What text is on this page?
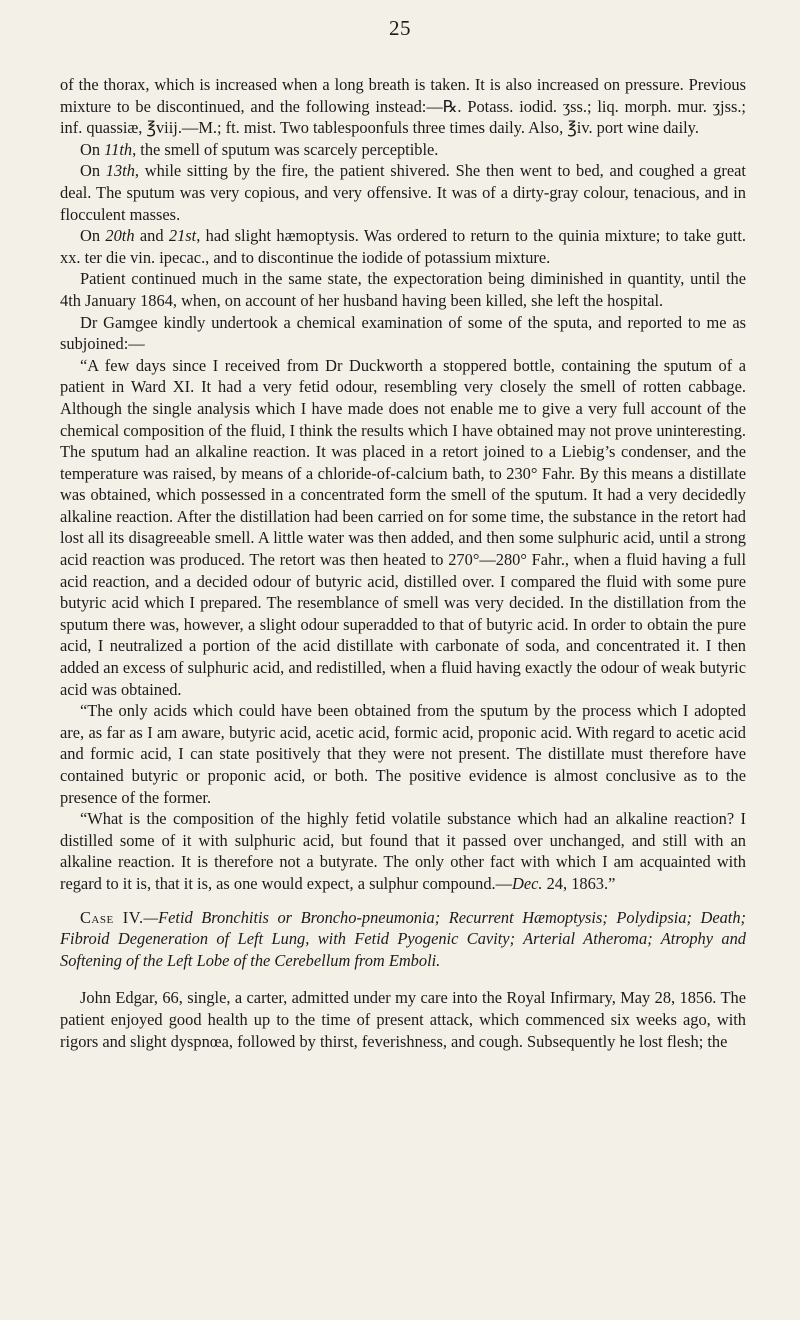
25

of the thorax, which is increased when a long breath is taken. It is also increased on pressure. Previous mixture to be discontinued, and the following instead:—℞. Potass. iodid. ʒss.; liq. morph. mur. ʒjss.; inf. quassiæ, ℥viij.—M.; ft. mist. Two tablespoonfuls three times daily. Also, ℥iv. port wine daily.

On 11th, the smell of sputum was scarcely perceptible.

On 13th, while sitting by the fire, the patient shivered. She then went to bed, and coughed a great deal. The sputum was very copious, and very offensive. It was of a dirty-gray colour, tenacious, and in flocculent masses.

On 20th and 21st, had slight hæmoptysis. Was ordered to return to the quinia mixture; to take gutt. xx. ter die vin. ipecac., and to discontinue the iodide of potassium mixture.

Patient continued much in the same state, the expectoration being diminished in quantity, until the 4th January 1864, when, on account of her husband having been killed, she left the hospital.

Dr Gamgee kindly undertook a chemical examination of some of the sputa, and reported to me as subjoined:—

“A few days since I received from Dr Duckworth a stoppered bottle, containing the sputum of a patient in Ward XI. It had a very fetid odour, resembling very closely the smell of rotten cabbage. Although the single analysis which I have made does not enable me to give a very full account of the chemical composition of the fluid, I think the results which I have obtained may not prove uninteresting. The sputum had an alkaline reaction. It was placed in a retort joined to a Liebig’s condenser, and the temperature was raised, by means of a chloride-of-calcium bath, to 230° Fahr. By this means a distillate was obtained, which possessed in a concentrated form the smell of the sputum. It had a very decidedly alkaline reaction. After the distillation had been carried on for some time, the substance in the retort had lost all its disagreeable smell. A little water was then added, and then some sulphuric acid, until a strong acid reaction was produced. The retort was then heated to 270°—280° Fahr., when a fluid having a full acid reaction, and a decided odour of butyric acid, distilled over. I compared the fluid with some pure butyric acid which I prepared. The resemblance of smell was very decided. In the distillation from the sputum there was, however, a slight odour superadded to that of butyric acid. In order to obtain the pure acid, I neutralized a portion of the acid distillate with carbonate of soda, and concentrated it. I then added an excess of sulphuric acid, and redistilled, when a fluid having exactly the odour of weak butyric acid was obtained.

“The only acids which could have been obtained from the sputum by the process which I adopted are, as far as I am aware, butyric acid, acetic acid, formic acid, proponic acid. With regard to acetic acid and formic acid, I can state positively that they were not present. The distillate must therefore have contained butyric or proponic acid, or both. The positive evidence is almost conclusive as to the presence of the former.

“What is the composition of the highly fetid volatile substance which had an alkaline reaction? I distilled some of it with sulphuric acid, but found that it passed over unchanged, and still with an alkaline reaction. It is therefore not a butyrate. The only other fact with which I am acquainted with regard to it is, that it is, as one would expect, a sulphur compound.—Dec. 24, 1863.”

Case IV.—Fetid Bronchitis or Broncho-pneumonia; Recurrent Hæmoptysis; Polydipsia; Death; Fibroid Degeneration of Left Lung, with Fetid Pyogenic Cavity; Arterial Atheroma; Atrophy and Softening of the Left Lobe of the Cerebellum from Emboli.

John Edgar, 66, single, a carter, admitted under my care into the Royal Infirmary, May 28, 1856. The patient enjoyed good health up to the time of present attack, which commenced six weeks ago, with rigors and slight dyspnœa, followed by thirst, feverishness, and cough. Subsequently he lost flesh; the
